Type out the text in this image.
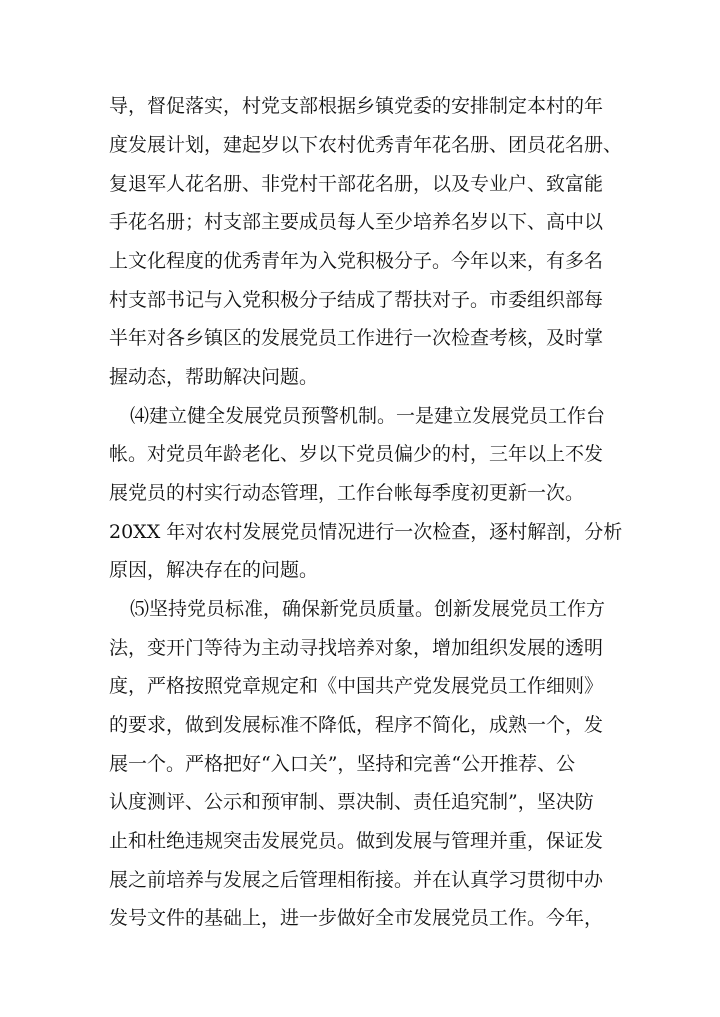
导，督促落实，村党支部根据乡镇党委的安排制定本村的年
度发展计划，建起岁以下农村优秀青年花名册、团员花名册、
复退军人花名册、非党村干部花名册，以及专业户、致富能
手花名册；村支部主要成员每人至少培养名岁以下、高中以
上文化程度的优秀青年为入党积极分子。今年以来，有多名
村支部书记与入党积极分子结成了帮扶对子。市委组织部每
半年对各乡镇区的发展党员工作进行一次检查考核，及时掌
握动态，帮助解决问题。
⑷建立健全发展党员预警机制。一是建立发展党员工作台
帐。对党员年龄老化、岁以下党员偏少的村，三年以上不发
展党员的村实行动态管理，工作台帐每季度初更新一次。
20XX 年对农村发展党员情况进行一次检查，逐村解剖，分析
原因，解决存在的问题。
⑸坚持党员标准，确保新党员质量。创新发展党员工作方
法，变开门等待为主动寻找培养对象，增加组织发展的透明
度，严格按照党章规定和《中国共产党发展党员工作细则》
的要求，做到发展标准不降低，程序不简化，成熟一个，发
展一个。严格把好“入口关”，坚持和完善“公开推荐、公
认度测评、公示和预审制、票决制、责任追究制”，坚决防
止和杜绝违规突击发展党员。做到发展与管理并重，保证发
展之前培养与发展之后管理相衔接。并在认真学习贯彻中办
发号文件的基础上，进一步做好全市发展党员工作。今年，
